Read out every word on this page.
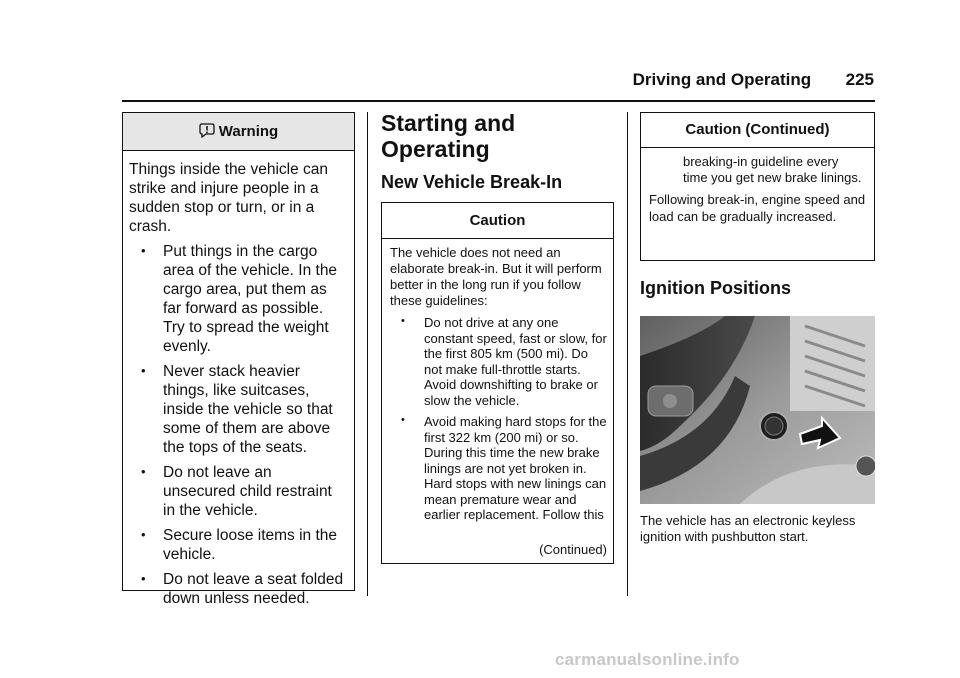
Driving and Operating 225
Warning
Things inside the vehicle can strike and injure people in a sudden stop or turn, or in a crash.
• Put things in the cargo area of the vehicle. In the cargo area, put them as far forward as possible. Try to spread the weight evenly.
• Never stack heavier things, like suitcases, inside the vehicle so that some of them are above the tops of the seats.
• Do not leave an unsecured child restraint in the vehicle.
• Secure loose items in the vehicle.
• Do not leave a seat folded down unless needed.
Starting and Operating
New Vehicle Break-In
Caution
The vehicle does not need an elaborate break-in. But it will perform better in the long run if you follow these guidelines:
• Do not drive at any one constant speed, fast or slow, for the first 805 km (500 mi). Do not make full-throttle starts. Avoid downshifting to brake or slow the vehicle.
• Avoid making hard stops for the first 322 km (200 mi) or so. During this time the new brake linings are not yet broken in. Hard stops with new linings can mean premature wear and earlier replacement. Follow this
(Continued)
Caution (Continued)
breaking-in guideline every time you get new brake linings.
Following break-in, engine speed and load can be gradually increased.
Ignition Positions
The vehicle has an electronic keyless ignition with pushbutton start.
carmanualsonline.info
